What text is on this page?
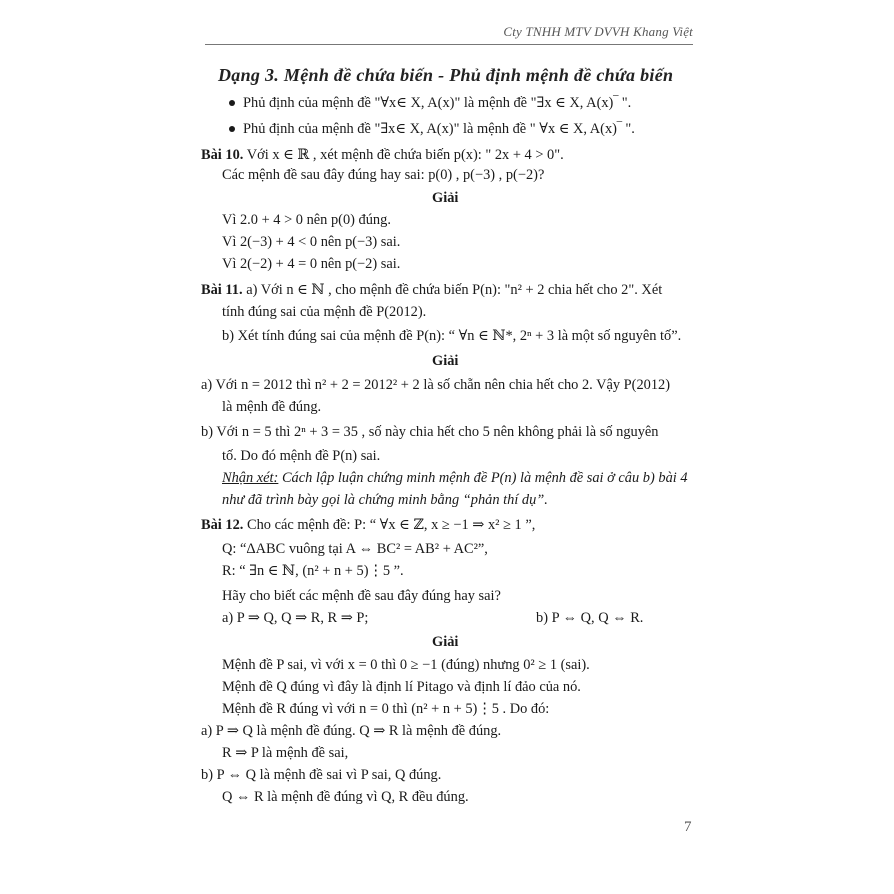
Cty TNHH MTV DVVH Khang Việt
Dạng 3. Mệnh đề chứa biến - Phủ định mệnh đề chứa biến
Phủ định của mệnh đề "∀x∈ X, A(x)" là mệnh đề "∃x ∈ X, A(x)‾ ".
Phủ định của mệnh đề "∃x∈ X, A(x)" là mệnh đề " ∀x ∈ X, A(x)‾ ".
Bài 10. Với x ∈ ℝ , xét mệnh đề chứa biến p(x): " 2x + 4 > 0".
Các mệnh đề sau đây đúng hay sai: p(0) , p(−3) , p(−2)?
Giải
Vì 2.0 + 4 > 0 nên p(0) đúng.
Vì 2(−3) + 4 < 0 nên p(−3) sai.
Vì 2(−2) + 4 = 0 nên p(−2) sai.
Bài 11. a) Với n ∈ ℕ , cho mệnh đề chứa biến P(n): "n² + 2 chia hết cho 2". Xét
tính đúng sai của mệnh đề P(2012).
b) Xét tính đúng sai của mệnh đề P(n): “ ∀n ∈ ℕ*, 2ⁿ + 3 là một số nguyên tố”.
Giải
a) Với n = 2012 thì n² + 2 = 2012² + 2 là số chẵn nên chia hết cho 2. Vậy P(2012)
là mệnh đề đúng.
b) Với n = 5 thì 2ⁿ + 3 = 35 , số này chia hết cho 5 nên không phải là số nguyên
tố. Do đó mệnh đề P(n) sai.
Nhận xét: Cách lập luận chứng minh mệnh đề P(n) là mệnh đề sai ở câu b) bài 4
như đã trình bày gọi là chứng minh bằng “phản thí dụ”.
Bài 12. Cho các mệnh đề: P: “ ∀x ∈ ℤ, x ≥ −1 ⇒ x² ≥ 1 ”,
Q: “ΔABC vuông tại A ⇔ BC² = AB² + AC²”,
R: “ ∃n ∈ ℕ, (n² + n + 5)⋮5 ”.
Hãy cho biết các mệnh đề sau đây đúng hay sai?
a) P ⇒ Q, Q ⇒ R, R ⇒ P;	b) P ⇔ Q, Q ⇔ R.
Giải
Mệnh đề P sai, vì với x = 0 thì 0 ≥ −1 (đúng) nhưng 0² ≥ 1 (sai).
Mệnh đề Q đúng vì đây là định lí Pitago và định lí đảo của nó.
Mệnh đề R đúng vì với n = 0 thì (n² + n + 5)⋮5 . Do đó:
a) P ⇒ Q là mệnh đề đúng. Q ⇒ R là mệnh đề đúng.
R ⇒ P là mệnh đề sai,
b) P ⇔ Q là mệnh đề sai vì P sai, Q đúng.
Q ⇔ R là mệnh đề đúng vì Q, R đều đúng.
7
